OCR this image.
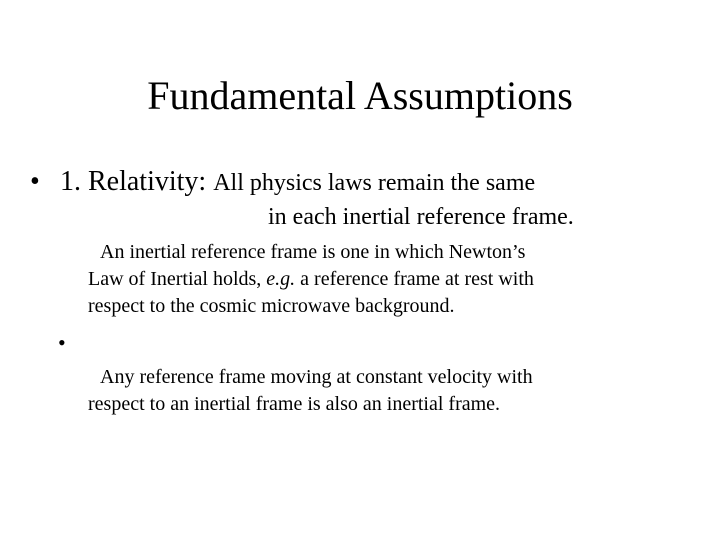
Fundamental Assumptions
• 1. Relativity: All physics laws remain the same
in each inertial reference frame.
An inertial reference frame is one in which Newton’s
Law of Inertial holds, e.g. a reference frame at rest with
respect to the cosmic microwave background.
•
Any reference frame moving at constant velocity with
respect to an inertial frame is also an inertial frame.
